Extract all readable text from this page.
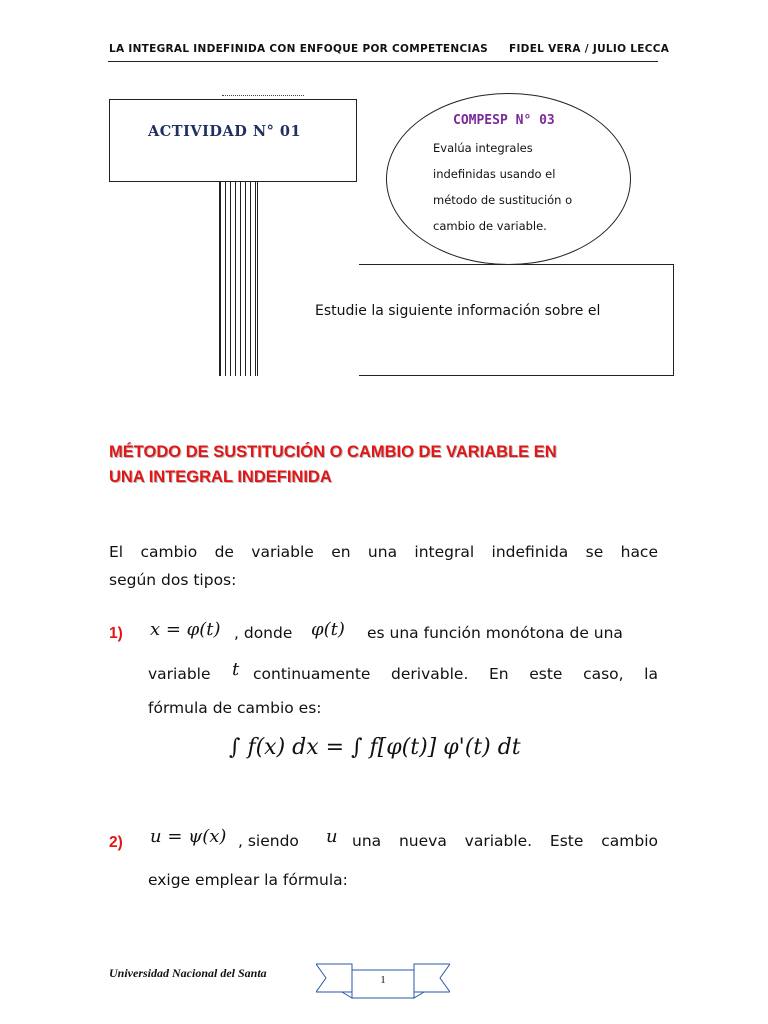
LA INTEGRAL INDEFINIDA CON ENFOQUE POR COMPETENCIAS FIDEL VERA / JULIO LECCA
ACTIVIDAD N° 01
Estudie la siguiente información sobre el
COMPESP N° 03
Evalúa integrales
indefinidas usando el
método de sustitución o
cambio de variable.
MÉTODO DE SUSTITUCIÓN O CAMBIO DE VARIABLE EN
UNA INTEGRAL INDEFINIDA
El cambio de variable en una integral indefinida se hace
según dos tipos:
1) x = φ(t) , donde φ(t) es una función monótona de una
variable t continuamente derivable. En este caso, la
fórmula de cambio es:
∫ f(x) dx = ∫ f[φ(t)] φ'(t) dt
2) u = ψ(x) , siendo u una nueva variable. Este cambio
exige emplear la fórmula:
Universidad Nacional del Santa	1
